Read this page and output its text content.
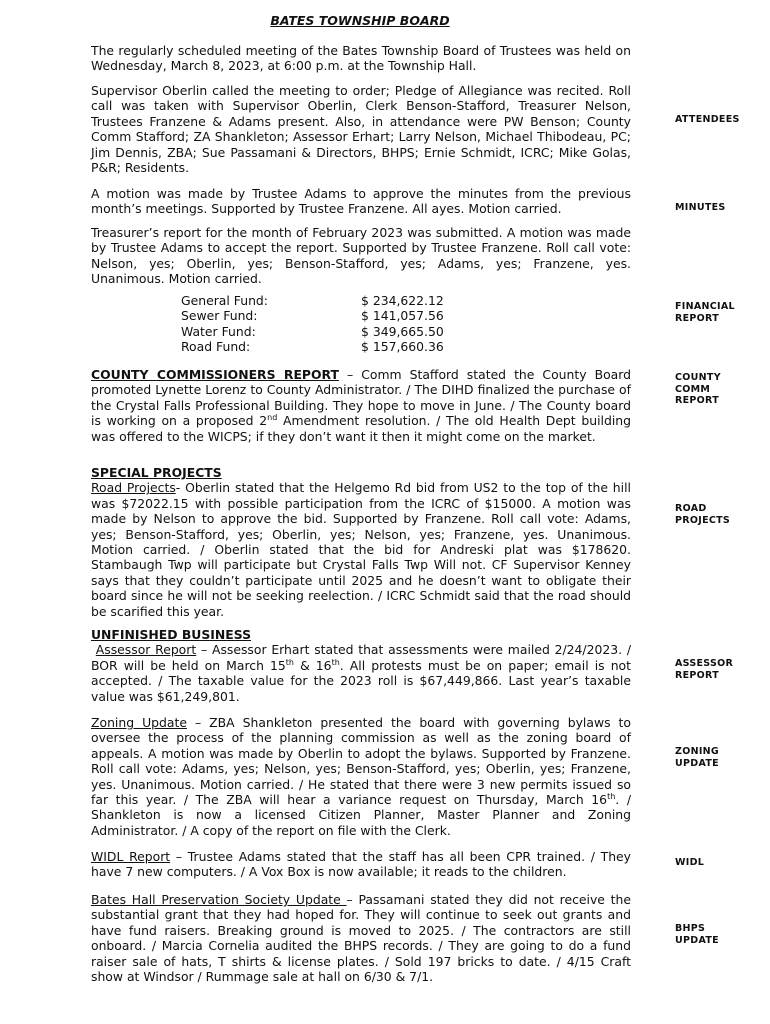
BATES TOWNSHIP BOARD

The regularly scheduled meeting of the Bates Township Board of Trustees was held on Wednesday, March 8, 2023, at 6:00 p.m. at the Township Hall.

Supervisor Oberlin called the meeting to order; Pledge of Allegiance was recited. Roll call was taken with Supervisor Oberlin, Clerk Benson-Stafford, Treasurer Nelson, Trustees Franzene & Adams present. Also, in attendance were PW Benson; County Comm Stafford; ZA Shankleton; Assessor Erhart; Larry Nelson, Michael Thibodeau, PC; Jim Dennis, ZBA; Sue Passamani & Directors, BHPS; Ernie Schmidt, ICRC; Mike Golas, P&R; Residents.

A motion was made by Trustee Adams to approve the minutes from the previous month’s meetings. Supported by Trustee Franzene. All ayes. Motion carried.

Treasurer’s report for the month of February 2023 was submitted. A motion was made by Trustee Adams to accept the report. Supported by Trustee Franzene. Roll call vote: Nelson, yes; Oberlin, yes; Benson-Stafford, yes; Adams, yes; Franzene, yes. Unanimous. Motion carried.

General Fund:	$ 234,622.12
Sewer Fund:	$ 141,057.56
Water Fund:	$ 349,665.50
Road Fund:	$ 157,660.36

COUNTY COMMISSIONERS REPORT – Comm Stafford stated the County Board promoted Lynette Lorenz to County Administrator. / The DIHD finalized the purchase of the Crystal Falls Professional Building. They hope to move in June. / The County board is working on a proposed 2nd Amendment resolution. / The old Health Dept building was offered to the WICPS; if they don’t want it then it might come on the market.

SPECIAL PROJECTS

Road Projects- Oberlin stated that the Helgemo Rd bid from US2 to the top of the hill was $72022.15 with possible participation from the ICRC of $15000. A motion was made by Nelson to approve the bid. Supported by Franzene. Roll call vote: Adams, yes; Benson-Stafford, yes; Oberlin, yes; Nelson, yes; Franzene, yes. Unanimous. Motion carried. / Oberlin stated that the bid for Andreski plat was $178620. Stambaugh Twp will participate but Crystal Falls Twp Will not. CF Supervisor Kenney says that they couldn’t participate until 2025 and he doesn’t want to obligate their board since he will not be seeking reelection. / ICRC Schmidt said that the road should be scarified this year.

UNFINISHED BUSINESS

Assessor Report – Assessor Erhart stated that assessments were mailed 2/24/2023. / BOR will be held on March 15th & 16th. All protests must be on paper; email is not accepted. / The taxable value for the 2023 roll is $67,449,866. Last year’s taxable value was $61,249,801.

Zoning Update – ZBA Shankleton presented the board with governing bylaws to oversee the process of the planning commission as well as the zoning board of appeals. A motion was made by Oberlin to adopt the bylaws. Supported by Franzene. Roll call vote: Adams, yes; Nelson, yes; Benson-Stafford, yes; Oberlin, yes; Franzene, yes. Unanimous. Motion carried. / He stated that there were 3 new permits issued so far this year. / The ZBA will hear a variance request on Thursday, March 16th. / Shankleton is now a licensed Citizen Planner, Master Planner and Zoning Administrator. / A copy of the report on file with the Clerk.

WIDL Report – Trustee Adams stated that the staff has all been CPR trained. / They have 7 new computers. / A Vox Box is now available; it reads to the children.

Bates Hall Preservation Society Update – Passamani stated they did not receive the substantial grant that they had hoped for. They will continue to seek out grants and have fund raisers. Breaking ground is moved to 2025. / The contractors are still onboard. / Marcia Cornelia audited the BHPS records. / They are going to do a fund raiser sale of hats, T shirts & license plates. / Sold 197 bricks to date. / 4/15 Craft show at Windsor / Rummage sale at hall on 6/30 & 7/1.

ATTENDEES
MINUTES
FINANCIAL
REPORT
COUNTY
COMM
REPORT
ROAD
PROJECTS
ASSESSOR
REPORT
ZONING
UPDATE
WIDL
BHPS
UPDATE
